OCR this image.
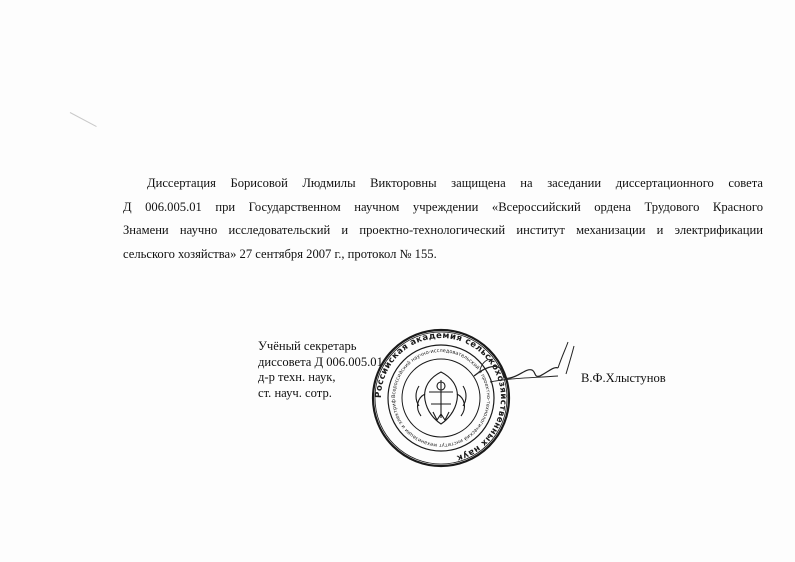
Диссертация Борисовой Людмилы Викторовны защищена на заседании диссертационного совета
Д 006.005.01 при Государственном научном учреждении «Всероссийский ордена Трудового Красного
Знамени научно исследовательский и проектно-технологический институт механизации и электрификации
сельского хозяйства» 27 сентября 2007 г., протокол № 155.

Учёный секретарь
диссовета Д 006.005.01
д-р техн. наук,
ст. науч. сотр.	Российская академия сельскохозяйственных наук
Всероссийский научно-исследовательский и проектно-технологический институт механизации и электриф
В.Ф.Хлыстунов
